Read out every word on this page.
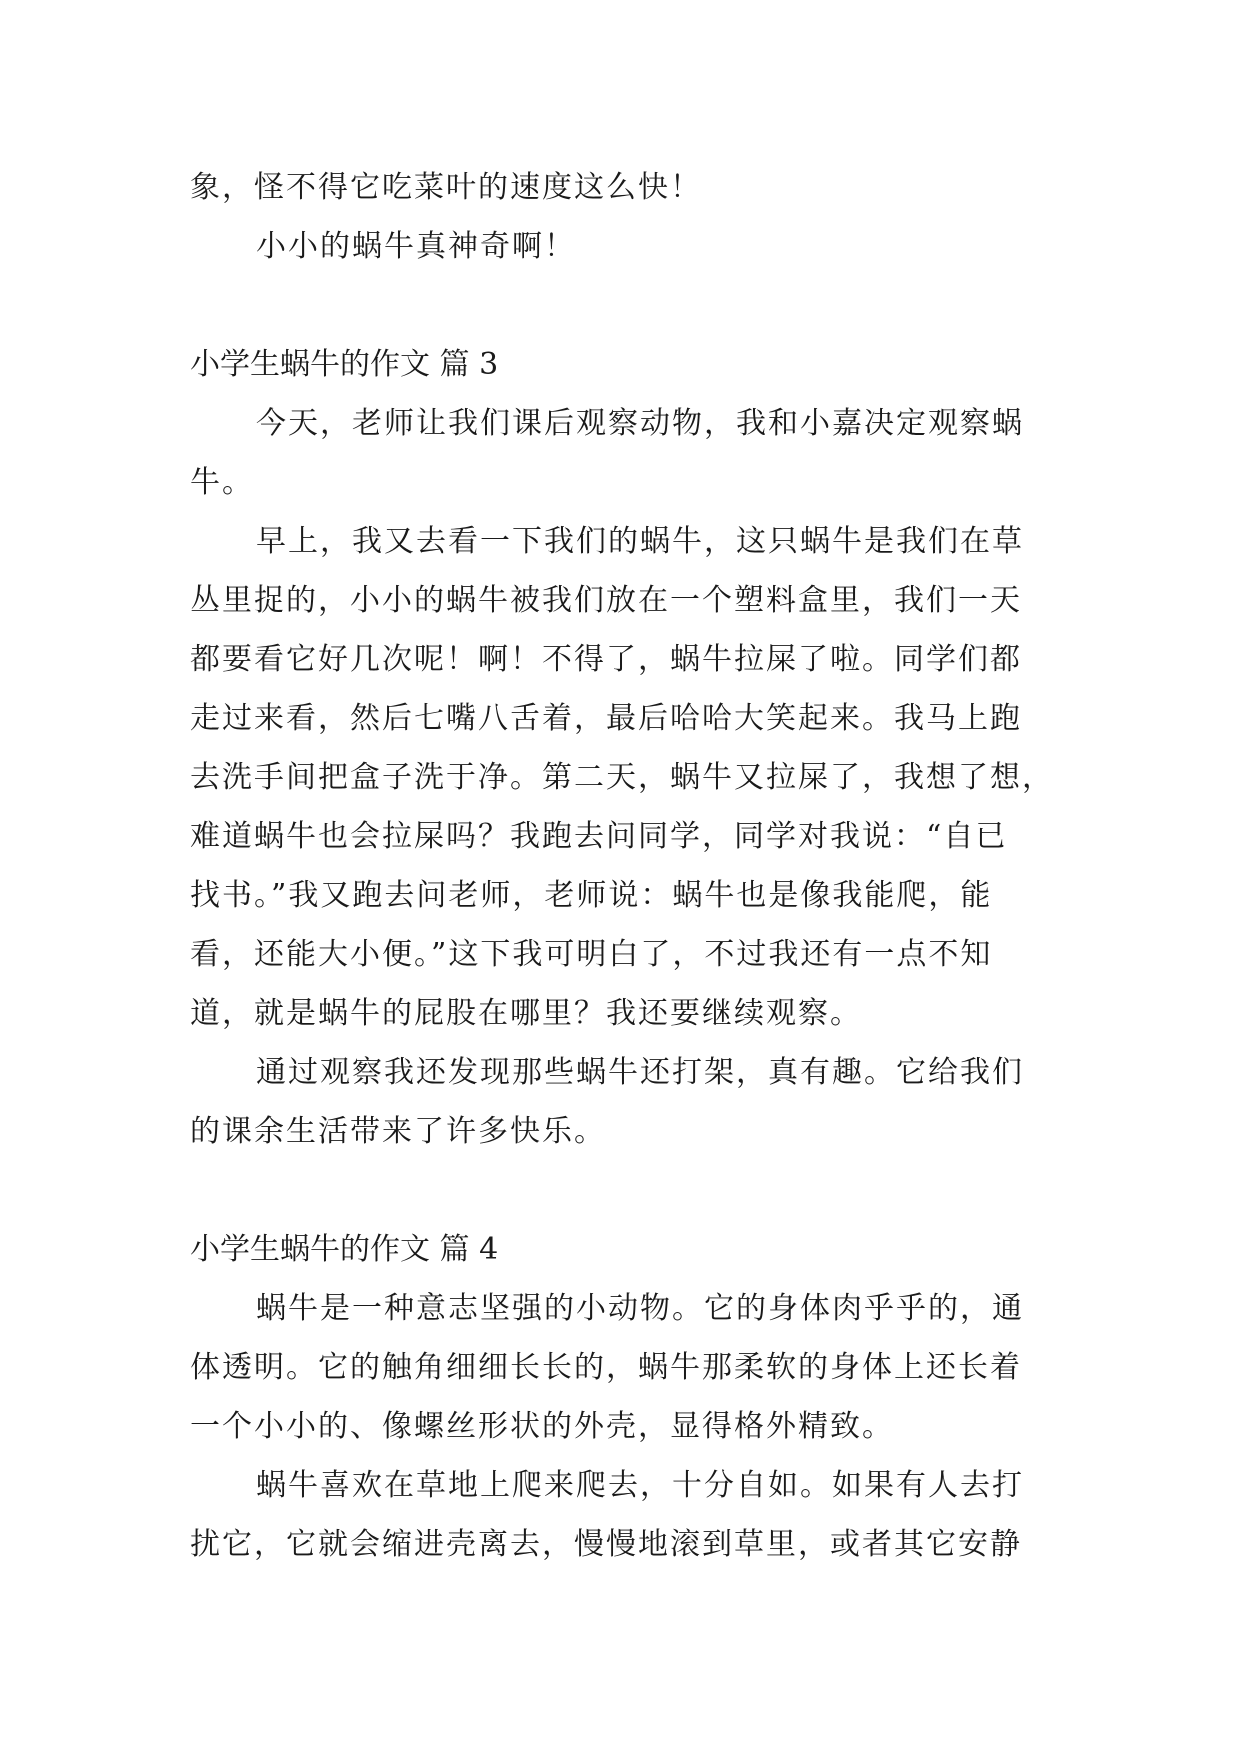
象，怪不得它吃菜叶的速度这么快！
小小的蜗牛真神奇啊！
小学生蜗牛的作文 篇 3
今天，老师让我们课后观察动物，我和小嘉决定观察蜗
牛。
早上，我又去看一下我们的蜗牛，这只蜗牛是我们在草
丛里捉的，小小的蜗牛被我们放在一个塑料盒里，我们一天
都要看它好几次呢！啊！不得了，蜗牛拉屎了啦。同学们都
走过来看，然后七嘴八舌着，最后哈哈大笑起来。我马上跑
去洗手间把盒子洗于净。第二天，蜗牛又拉屎了，我想了想，
难道蜗牛也会拉屎吗？我跑去问同学，同学对我说：“自已
找书。”我又跑去问老师，老师说：蜗牛也是像我能爬，能
看，还能大小便。”这下我可明白了，不过我还有一点不知
道，就是蜗牛的屁股在哪里？我还要继续观察。
通过观察我还发现那些蜗牛还打架，真有趣。它给我们
的课余生活带来了许多快乐。
小学生蜗牛的作文 篇 4
蜗牛是一种意志坚强的小动物。它的身体肉乎乎的，通
体透明。它的触角细细长长的，蜗牛那柔软的身体上还长着
一个小小的、像螺丝形状的外壳，显得格外精致。
蜗牛喜欢在草地上爬来爬去，十分自如。如果有人去打
扰它，它就会缩进壳离去，慢慢地滚到草里，或者其它安静
